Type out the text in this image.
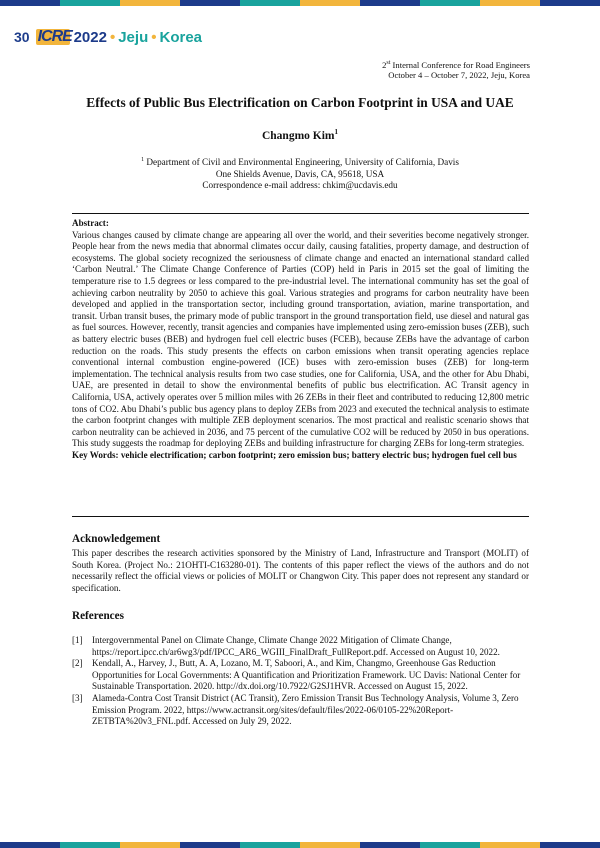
30 ICRE 2022 • Jeju • Korea
2st Internal Conference for Road Engineers
October 4 – October 7, 2022, Jeju, Korea
Effects of Public Bus Electrification on Carbon Footprint in USA and UAE
Changmo Kim$^1$
$^1$ Department of Civil and Environmental Engineering, University of California, Davis
One Shields Avenue, Davis, CA, 95618, USA
Correspondence e-mail address: chkim@ucdavis.edu
Abstract:
Various changes caused by climate change are appearing all over the world, and their severities become negatively stronger. People hear from the news media that abnormal climates occur daily, causing fatalities, property damage, and destruction of ecosystems. The global society recognized the seriousness of climate change and enacted an international standard called ‘Carbon Neutral.’ The Climate Change Conference of Parties (COP) held in Paris in 2015 set the goal of limiting the temperature rise to 1.5 degrees or less compared to the pre-industrial level. The international community has set the goal of achieving carbon neutrality by 2050 to achieve this goal. Various strategies and programs for carbon neutrality have been developed and applied in the transportation sector, including ground transportation, aviation, marine transportation, and transit. Urban transit buses, the primary mode of public transport in the ground transportation field, use diesel and natural gas as fuel sources. However, recently, transit agencies and companies have implemented using zero-emission buses (ZEB), such as battery electric buses (BEB) and hydrogen fuel cell electric buses (FCEB), because ZEBs have the advantage of carbon reduction on the roads. This study presents the effects on carbon emissions when transit operating agencies replace conventional internal combustion engine-powered (ICE) buses with zero-emission buses (ZEB) for long-term implementation. The technical analysis results from two case studies, one for California, USA, and the other for Abu Dhabi, UAE, are presented in detail to show the environmental benefits of public bus electrification. AC Transit agency in California, USA, actively operates over 5 million miles with 26 ZEBs in their fleet and contributed to reducing 12,800 metric tons of CO2. Abu Dhabi’s public bus agency plans to deploy ZEBs from 2023 and executed the technical analysis to estimate the carbon footprint changes with multiple ZEB deployment scenarios. The most practical and realistic scenario shows that carbon neutrality can be achieved in 2036, and 75 percent of the cumulative CO2 will be reduced by 2050 in bus operations. This study suggests the roadmap for deploying ZEBs and building infrastructure for charging ZEBs for long-term strategies.
Key Words: vehicle electrification; carbon footprint; zero emission bus; battery electric bus; hydrogen fuel cell bus
Acknowledgement
This paper describes the research activities sponsored by the Ministry of Land, Infrastructure and Transport (MOLIT) of South Korea. (Project No.: 21OHTI-C163280-01). The contents of this paper reflect the views of the authors and do not necessarily reflect the official views or policies of MOLIT or Changwon City. This paper does not represent any standard or specification.
References
[1]	Intergovernmental Panel on Climate Change, Climate Change 2022 Mitigation of Climate Change, https://report.ipcc.ch/ar6wg3/pdf/IPCC_AR6_WGIII_FinalDraft_FullReport.pdf. Accessed on August 10, 2022.
[2]	Kendall, A., Harvey, J., Butt, A. A, Lozano, M. T, Saboori, A., and Kim, Changmo, Greenhouse Gas Reduction Opportunities for Local Governments: A Quantification and Prioritization Framework. UC Davis: National Center for Sustainable Transportation. 2020. http://dx.doi.org/10.7922/G2SJ1HVR. Accessed on August 15, 2022.
[3]	Alameda-Contra Cost Transit District (AC Transit), Zero Emission Transit Bus Technology Analysis, Volume 3, Zero Emission Program. 2022, https://www.actransit.org/sites/default/files/2022-06/0105-22%20Report-ZETBTA%20v3_FNL.pdf. Accessed on July 29, 2022.
